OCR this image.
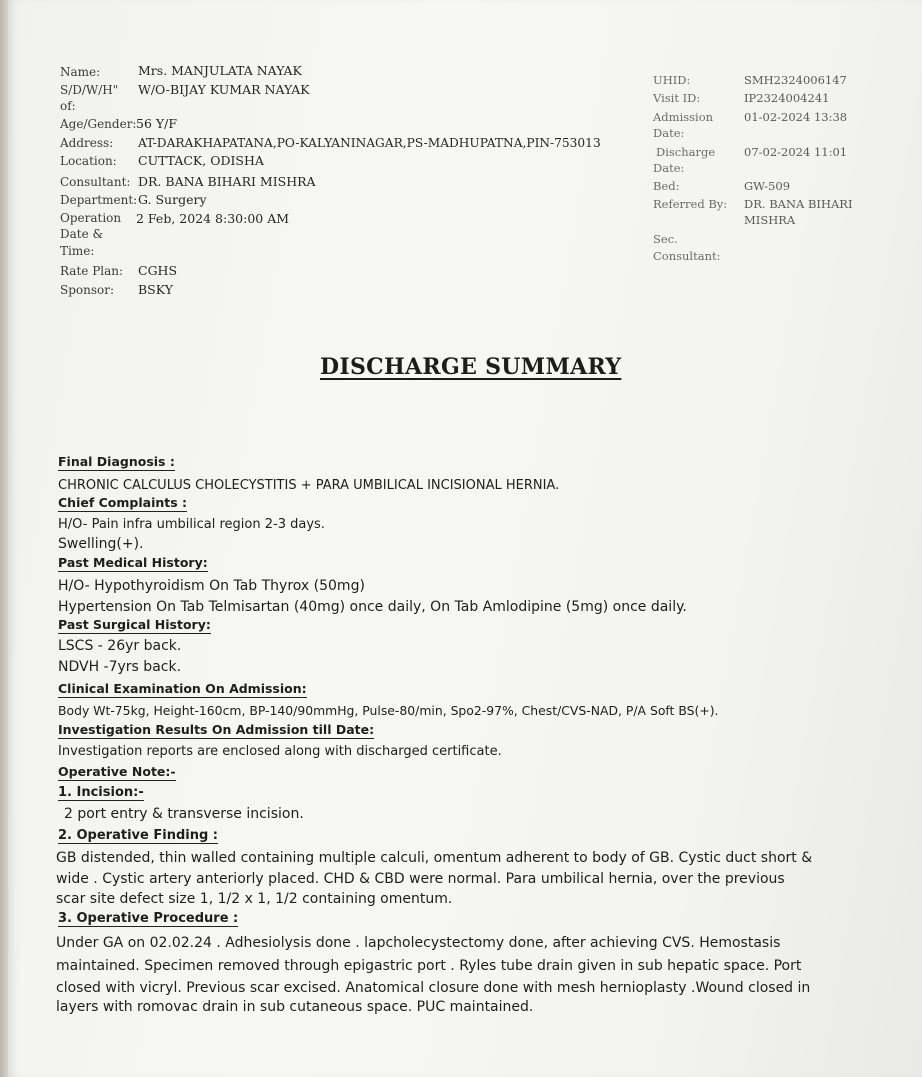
Name:	Mrs. MANJULATA NAYAK
S/D/W/H" W/O-BIJAY KUMAR NAYAK
of:
Age/Gender: 56 Y/F
Address: AT-DARAKHAPATANA,PO-KALYANINAGAR,PS-MADHUPATNA,PIN-753013
Location: CUTTACK, ODISHA
Consultant: DR. BANA BIHARI MISHRA
Department: G. Surgery
Operation 2 Feb, 2024 8:30:00 AM
Date &
Time:
Rate Plan: CGHS
Sponsor: BSKY
UHID:	SMH2324006147
Visit ID:	IP2324004241
Admission	01-02-2024 13:38
Date:
Discharge	07-02-2024 11:01
Date:
Bed:	GW-509
Referred By: DR. BANA BIHARI
MISHRA
Sec.
Consultant:
DISCHARGE SUMMARY
Final Diagnosis :
CHRONIC CALCULUS CHOLECYSTITIS + PARA UMBILICAL INCISIONAL HERNIA.
Chief Complaints :
H/O- Pain infra umbilical region 2-3 days.
Swelling(+).
Past Medical History:
H/O- Hypothyroidism On Tab Thyrox (50mg)
Hypertension On Tab Telmisartan (40mg) once daily, On Tab Amlodipine (5mg) once daily.
Past Surgical History:
LSCS - 26yr back.
NDVH -7yrs back.
Clinical Examination On Admission:
Body Wt-75kg, Height-160cm, BP-140/90mmHg, Pulse-80/min, Spo2-97%, Chest/CVS-NAD, P/A Soft BS(+).
Investigation Results On Admission till Date:
Investigation reports are enclosed along with discharged certificate.
Operative Note:-
1. Incision:-
2 port entry & transverse incision.
2. Operative Finding :
GB distended, thin walled containing multiple calculi, omentum adherent to body of GB. Cystic duct short &
wide . Cystic artery anteriorly placed. CHD & CBD were normal. Para umbilical hernia, over the previous
scar site defect size 1, 1/2 x 1, 1/2 containing omentum.
3. Operative Procedure :
Under GA on 02.02.24 . Adhesiolysis done . lapcholecystectomy done, after achieving CVS. Hemostasis
maintained. Specimen removed through epigastric port . Ryles tube drain given in sub hepatic space. Port
closed with vicryl. Previous scar excised. Anatomical closure done with mesh hernioplasty .Wound closed in
layers with romovac drain in sub cutaneous space. PUC maintained.
